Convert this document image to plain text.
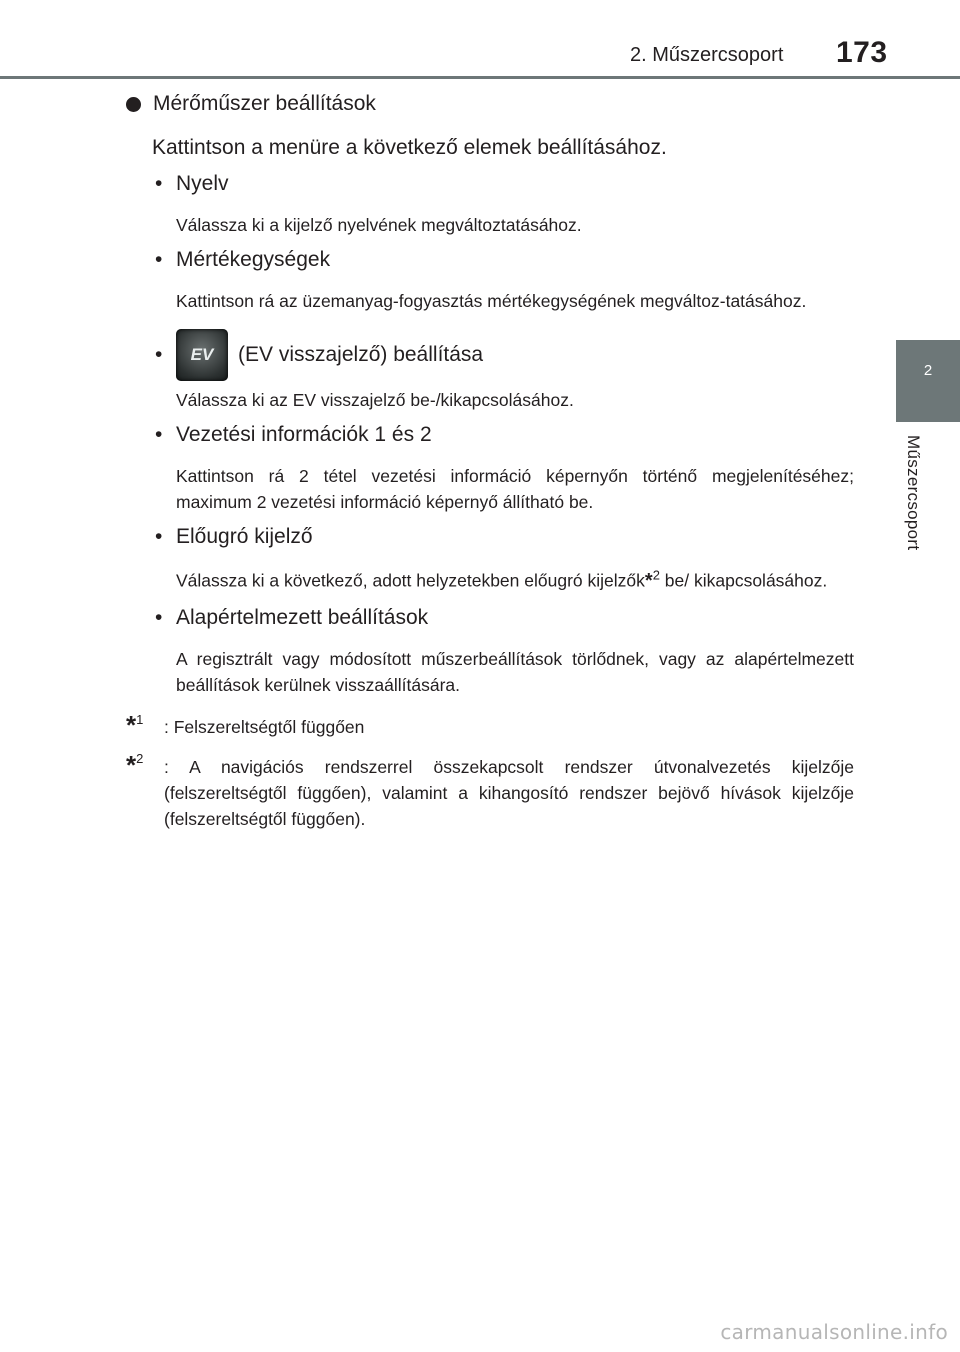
2. Műszercsoport 173
2
Műszercsoport
Mérőműszer beállítások
Kattintson a menüre a következő elemek beállításához.
• Nyelv
Válassza ki a kijelző nyelvének megváltoztatásához.
• Mértékegységek
Kattintson rá az üzemanyag-fogyasztás mértékegységének megváltoz-tatásához.
•	EV	(EV visszajelző) beállítása
Válassza ki az EV visszajelző be-/kikapcsolásához.
• Vezetési információk 1 és 2
Kattintson rá 2 tétel vezetési információ képernyőn történő megjelenítéséhez; maximum 2 vezetési információ képernyő állítható be.
• Előugró kijelző
Válassza ki a következő, adott helyzetekben előugró kijelzők*$^2$ be/ kikapcsolásához.
• Alapértelmezett beállítások
A regisztrált vagy módosított műszerbeállítások törlődnek, vagy az alapértelmezett beállítások kerülnek visszaállítására.
*$^1$	: Felszereltségtől függően
*$^2$	: A navigációs rendszerrel összekapcsolt rendszer útvonalvezetés kijelzője (felszereltségtől függően), valamint a kihangosító rendszer bejövő hívások kijelzője (felszereltségtől függően).
carmanualsonline.info
